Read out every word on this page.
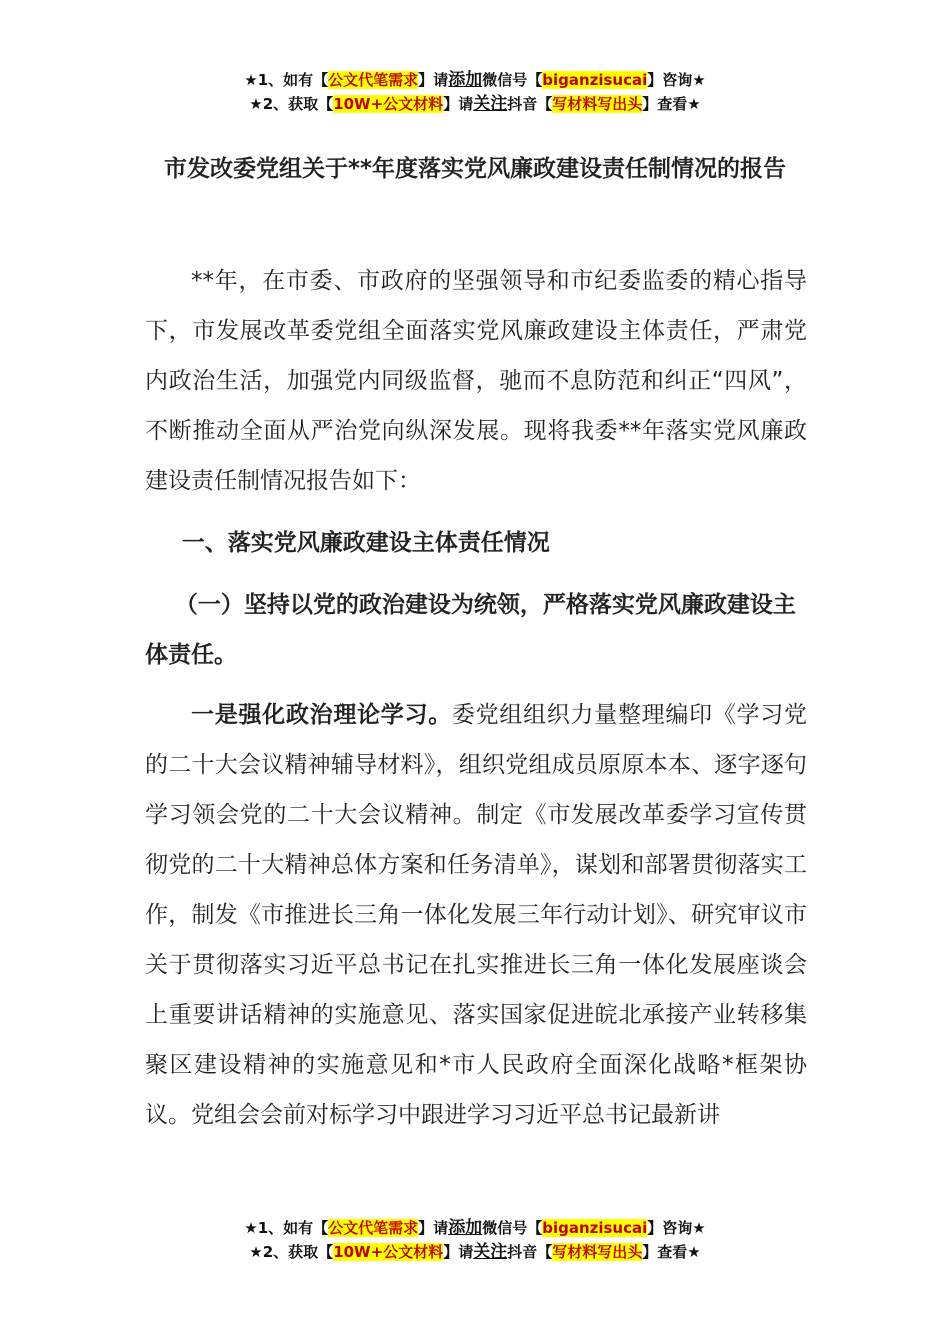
★1、如有【公文代笔需求】请添加微信号【biganzisucai】咨询★
★2、获取【10W+公文材料】请关注抖音【写材料写出头】查看★
市发改委党组关于**年度落实党风廉政建设责任制情况的报告

**年，在市委、市政府的坚强领导和市纪委监委的精心指导下，市发展改革委党组全面落实党风廉政建设主体责任，严肃党内政治生活，加强党内同级监督，驰而不息防范和纠正“四风”，不断推动全面从严治党向纵深发展。现将我委**年落实党风廉政建设责任制情况报告如下：

一、落实党风廉政建设主体责任情况

（一）坚持以党的政治建设为统领，严格落实党风廉政建设主体责任。

一是强化政治理论学习。委党组组织力量整理编印《学习党的二十大会议精神辅导材料》，组织党组成员原原本本、逐字逐句学习领会党的二十大会议精神。制定《市发展改革委学习宣传贯彻党的二十大精神总体方案和任务清单》，谋划和部署贯彻落实工作，制发《市推进长三角一体化发展三年行动计划》、研究审议市关于贯彻落实习近平总书记在扎实推进长三角一体化发展座谈会上重要讲话精神的实施意见、落实国家促进皖北承接产业转移集聚区建设精神的实施意见和*市人民政府全面深化战略*框架协议。党组会会前对标学习中跟进学习习近平总书记最新讲

★1、如有【公文代笔需求】请添加微信号【biganzisucai】咨询★
★2、获取【10W+公文材料】请关注抖音【写材料写出头】查看★
